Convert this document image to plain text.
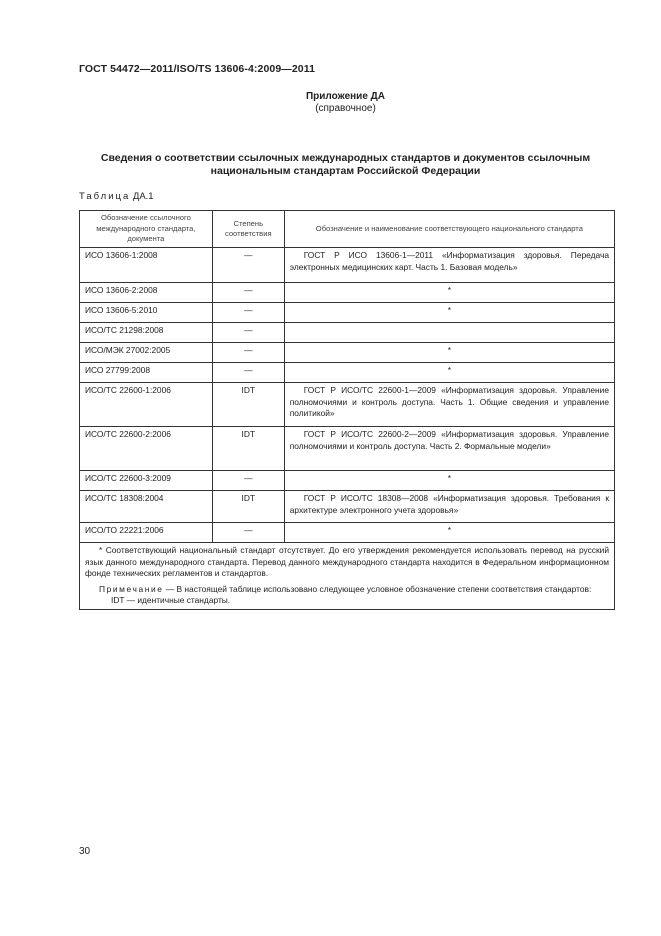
ГОСТ 54472—2011/ISO/TS 13606-4:2009—2011
Приложение ДА
(справочное)
Сведения о соответствии ссылочных международных стандартов и документов ссылочным
национальным стандартам Российской Федерации
Таблица ДА.1
Обозначение ссылочного международного стандарта, документа	Степень соответствия	Обозначение и наименование соответствующего национального стандарта
ИСО 13606-1:2008	—	ГОСТ Р ИСО 13606-1—2011 «Информатизация здоровья. Передача электронных медицинских карт. Часть 1. Базовая модель»

ИСО 13606-2:2008	—	*
ИСО 13606-5:2010	—	*
ИСО/ТС 21298:2008	—	
ИСО/МЭК 27002:2005	—	*
ИСО 27799:2008	—	*
ИСО/ТС 22600-1:2006	IDT	ГОСТ Р ИСО/ТС 22600-1—2009 «Информатизация здоровья. Управление полномочиями и контроль доступа. Часть 1. Общие сведения и управление политикой»

ИСО/ТС 22600-2:2006	IDT	ГОСТ Р ИСО/ТС 22600-2—2009 «Информатизация здоровья. Управление полномочиями и контроль доступа. Часть 2. Формальные модели»

ИСО/ТС 22600-3:2009	—	*
ИСО/ТС 18308:2004	IDT	ГОСТ Р ИСО/ТС 18308—2008 «Информатизация здоровья. Требования к архитектуре электронного учета здоровья»

ИСО/ТО 22221:2006	—	*

* Соответствующий национальный стандарт отсутствует. До его утверждения рекомендуется использовать перевод на русский язык данного международного стандарта. Перевод данного международного стандарта находится в Федеральном информационном фонде технических регламентов и стандартов.

Примечание — В настоящей таблице использовано следующее условное обозначение степени соответствия стандартов:

IDT — идентичные стандарты.		

30
